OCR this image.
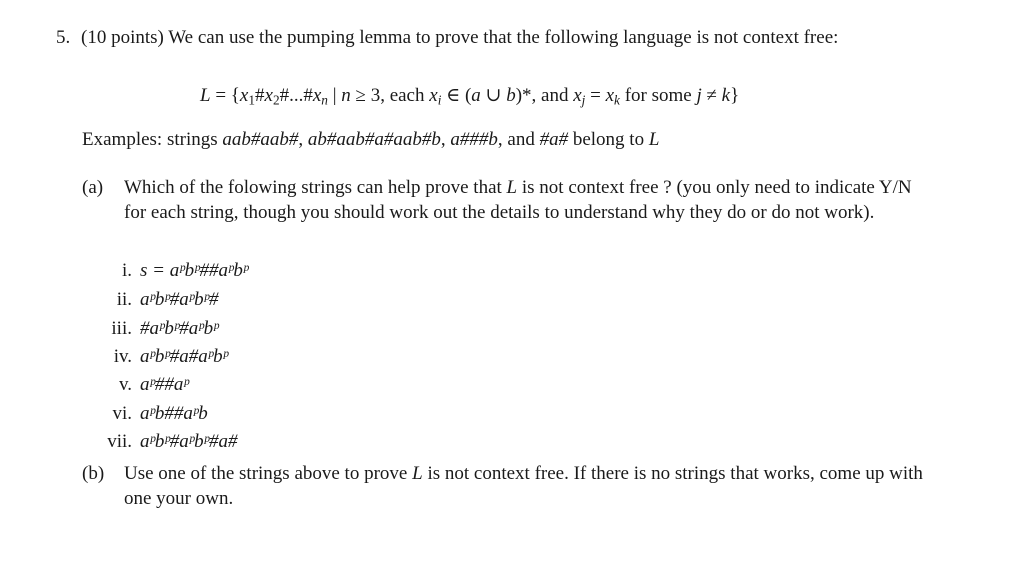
5. (10 points) We can use the pumping lemma to prove that the following language is not context free:
$L = \{x_1\#x_2\#...\#x_n$ | n ≥ 3, each $x_i$ ∈ (a ∪ b)*, and $x_j = x_k$ for some j ≠ k}
Examples: strings aab#aab#, ab#aab#a#aab#b, a###b, and #a# belong to L
(a) Which of the folowing strings can help prove that L is not context free ? (you only need to indicate Y/N
for each string, though you should work out the details to understand why they do or do not work).
i. s = aᵖbᵖ##aᵖbᵖ
ii. aᵖbᵖ#aᵖbᵖ#
iii. #aᵖbᵖ#aᵖbᵖ
iv. aᵖbᵖ#a#aᵖbᵖ
v. aᵖ##aᵖ
vi. aᵖb##aᵖb
vii. aᵖbᵖ#aᵖbᵖ#a#
(b) Use one of the strings above to prove L is not context free. If there is no strings that works, come up with
one your own.
